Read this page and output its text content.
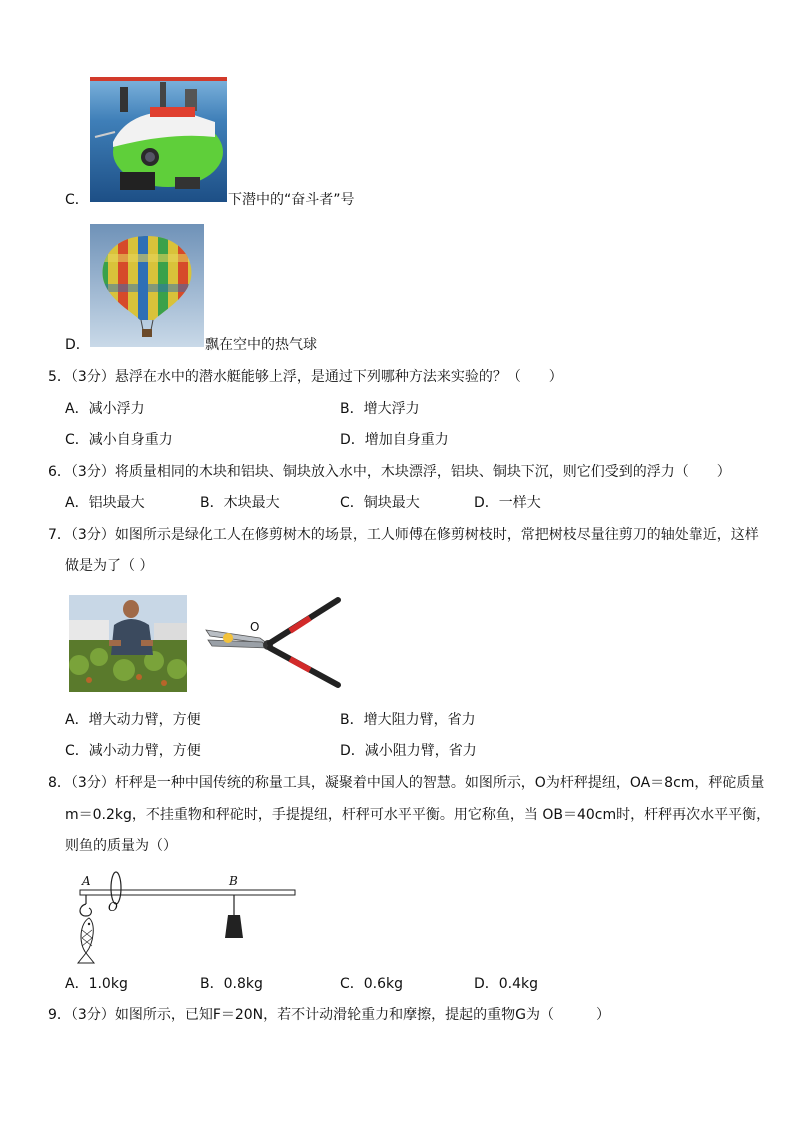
C．	下潜中的“奋斗者”号
D．	飘在空中的热气球
5．（3分）悬浮在水中的潜水艇能够上浮，是通过下列哪种方法来实验的？（　　）
A．减小浮力	B．增大浮力
C．减小自身重力	D．增加自身重力
6．（3分）将质量相同的木块和铝块、铜块放入水中，木块漂浮，铝块、铜块下沉，则它们受到的浮力（　　）
A．铝块最大	B．木块最大	C．铜块最大	D．一样大
7．（3分）如图所示是绿化工人在修剪树木的场景，工人师傅在修剪树枝时，常把树枝尽量往剪刀的轴处靠近，这样
做是为了（ ）
O
A．增大动力臂，方便	B．增大阻力臂，省力
C．减小动力臂，方便	D．减小阻力臂，省力
8．（3分）杆秤是一种中国传统的称量工具，凝聚着中国人的智慧。如图所示，O为杆秤提纽，OA＝8cm，秤砣质量
m＝0.2kg，不挂重物和秤砣时，手提提纽，杆秤可水平平衡。用它称鱼，当 OB＝40cm时，杆秤再次水平平衡，
则鱼的质量为（）
A
O
B
A．1.0kg	B．0.8kg	C．0.6kg	D．0.4kg
9．（3分）如图所示，已知F＝20N，若不计动滑轮重力和摩擦，提起的重物G为（　　　）
